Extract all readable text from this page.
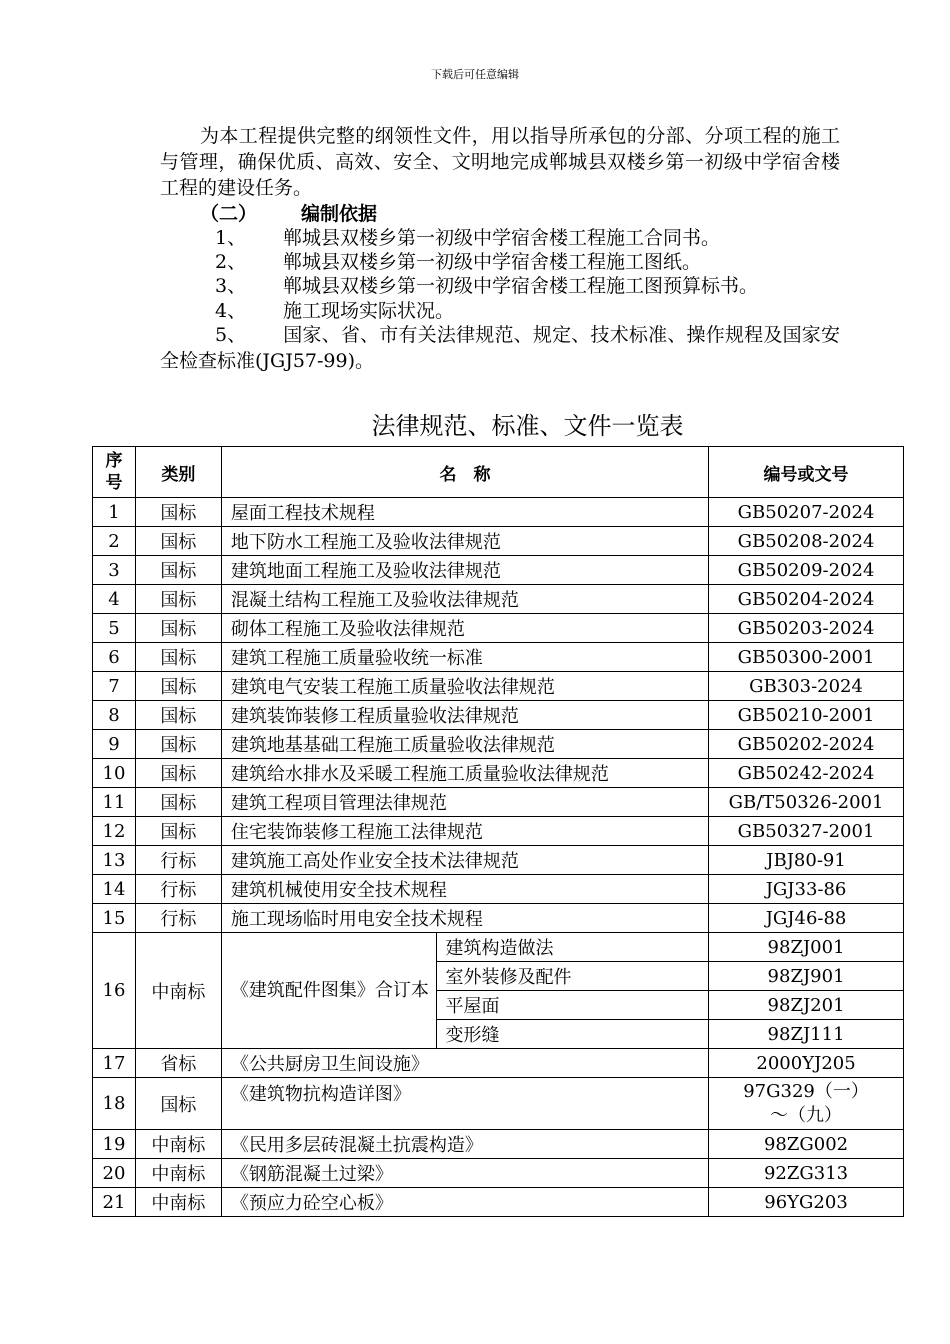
下载后可任意编辑
为本工程提供完整的纲领性文件，用以指导所承包的分部、分项工程的施工与管理，确保优质、高效、安全、文明地完成郸城县双楼乡第一初级中学宿舍楼工程的建设任务。
（二） 编制依据
1、 郸城县双楼乡第一初级中学宿舍楼工程施工合同书。
2、 郸城县双楼乡第一初级中学宿舍楼工程施工图纸。
3、 郸城县双楼乡第一初级中学宿舍楼工程施工图预算标书。
4、 施工现场实际状况。
5、 国家、省、市有关法律规范、规定、技术标准、操作规程及国家安全检查标准(JGJ57-99)。
法律规范、标准、文件一览表
序
号	类别	名　称		编号或文号
1	国标	屋面工程技术规程		GB50207-2024
2	国标	地下防水工程施工及验收法律规范		GB50208-2024
3	国标	建筑地面工程施工及验收法律规范		GB50209-2024
4	国标	混凝土结构工程施工及验收法律规范		GB50204-2024
5	国标	砌体工程施工及验收法律规范		GB50203-2024
6	国标	建筑工程施工质量验收统一标准		GB50300-2001
7	国标	建筑电气安装工程施工质量验收法律规范		GB303-2024
8	国标	建筑装饰装修工程质量验收法律规范		GB50210-2001
9	国标	建筑地基基础工程施工质量验收法律规范		GB50202-2024
10	国标	建筑给水排水及采暖工程施工质量验收法律规范		GB50242-2024
11	国标	建筑工程项目管理法律规范		GB/T50326-2001
12	国标	住宅装饰装修工程施工法律规范		GB50327-2001
13	行标	建筑施工高处作业安全技术法律规范		JBJ80-91
14	行标	建筑机械使用安全技术规程		JGJ33-86
15	行标	施工现场临时用电安全技术规程		JGJ46-88
16	中南标	《建筑配件图集》合订本	建筑构造做法	98ZJ001
			室外装修及配件	98ZJ901
			平屋面	98ZJ201
			变形缝	98ZJ111
17	省标	《公共厨房卫生间设施》		2000YJ205
18	国标	《建筑物抗构造详图》		97G329（一）～（九）
19	中南标	《民用多层砖混凝土抗震构造》		98ZG002
20	中南标	《钢筋混凝土过梁》		92ZG313
21	中南标	《预应力砼空心板》		96YG203
